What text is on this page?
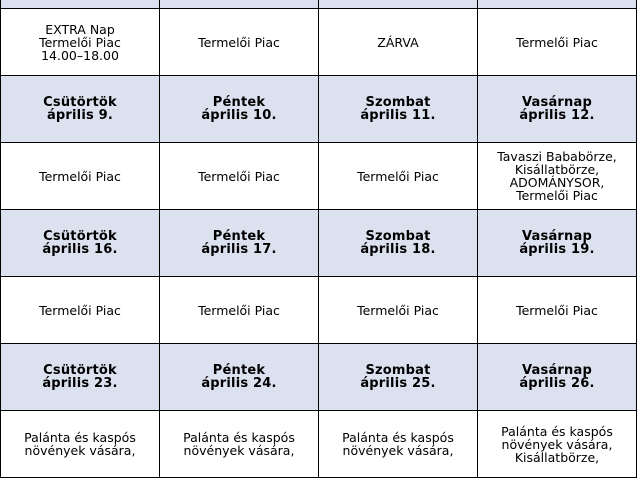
EXTRA Nap
Termelői Piac
14.00–18.00	Termelői Piac	ZÁRVA	Termelői Piac
Csütörtök
április 9.	Péntek
április 10.	Szombat
április 11.	Vasárnap
április 12.
Termelői Piac	Termelői Piac	Termelői Piac	Tavaszi Bababörze,
Kisállatbörze,
ADOMÁNYSOR,
Termelői Piac
Csütörtök
április 16.	Péntek
április 17.	Szombat
április 18.	Vasárnap
április 19.
Termelői Piac	Termelői Piac	Termelői Piac	Termelői Piac
Csütörtök
április 23.	Péntek
április 24.	Szombat
április 25.	Vasárnap
április 26.
Palánta és kaspós
növények vására,	Palánta és kaspós
növények vására,	Palánta és kaspós
növények vására,	Palánta és kaspós
növények vására,
Kisállatbörze,
